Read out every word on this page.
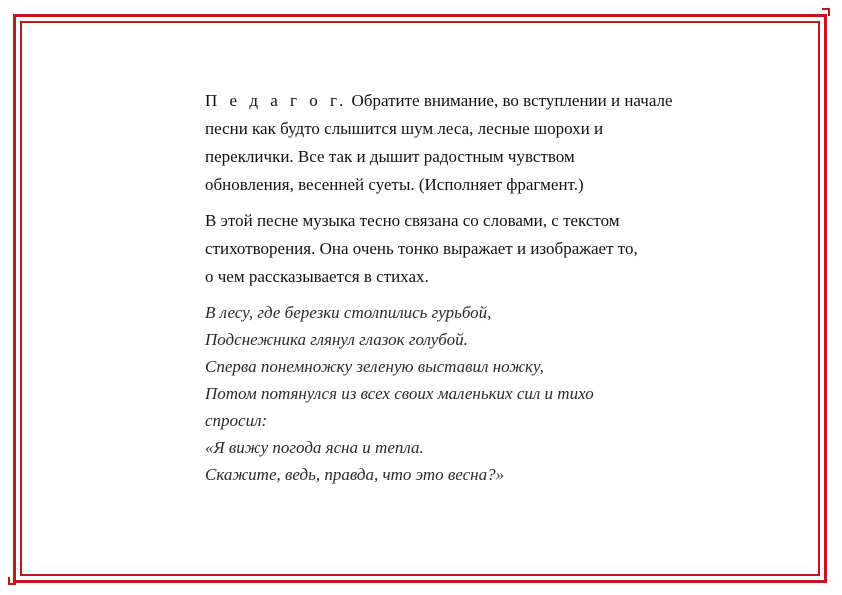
П е д а г о г. Обратите внимание, во вступлении и начале
песни как будто слышится шум леса, лесные шорохи и
переклички. Все так и дышит радостным чувством
обновления, весенней суеты. (Исполняет фрагмент.)

В этой песне музыка тесно связана со словами, с текстом
стихотворения. Она очень тонко выражает и изображает то,
о чем рассказывается в стихах.

В лесу, где березки столпились гурьбой,
Подснежника глянул глазок голубой.
Сперва понемножку зеленую выставил ножку,
Потом потянулся из всех своих маленьких сил и тихо
спросил:
«Я вижу погода ясна и тепла.
Скажите, ведь, правда, что это весна?»
